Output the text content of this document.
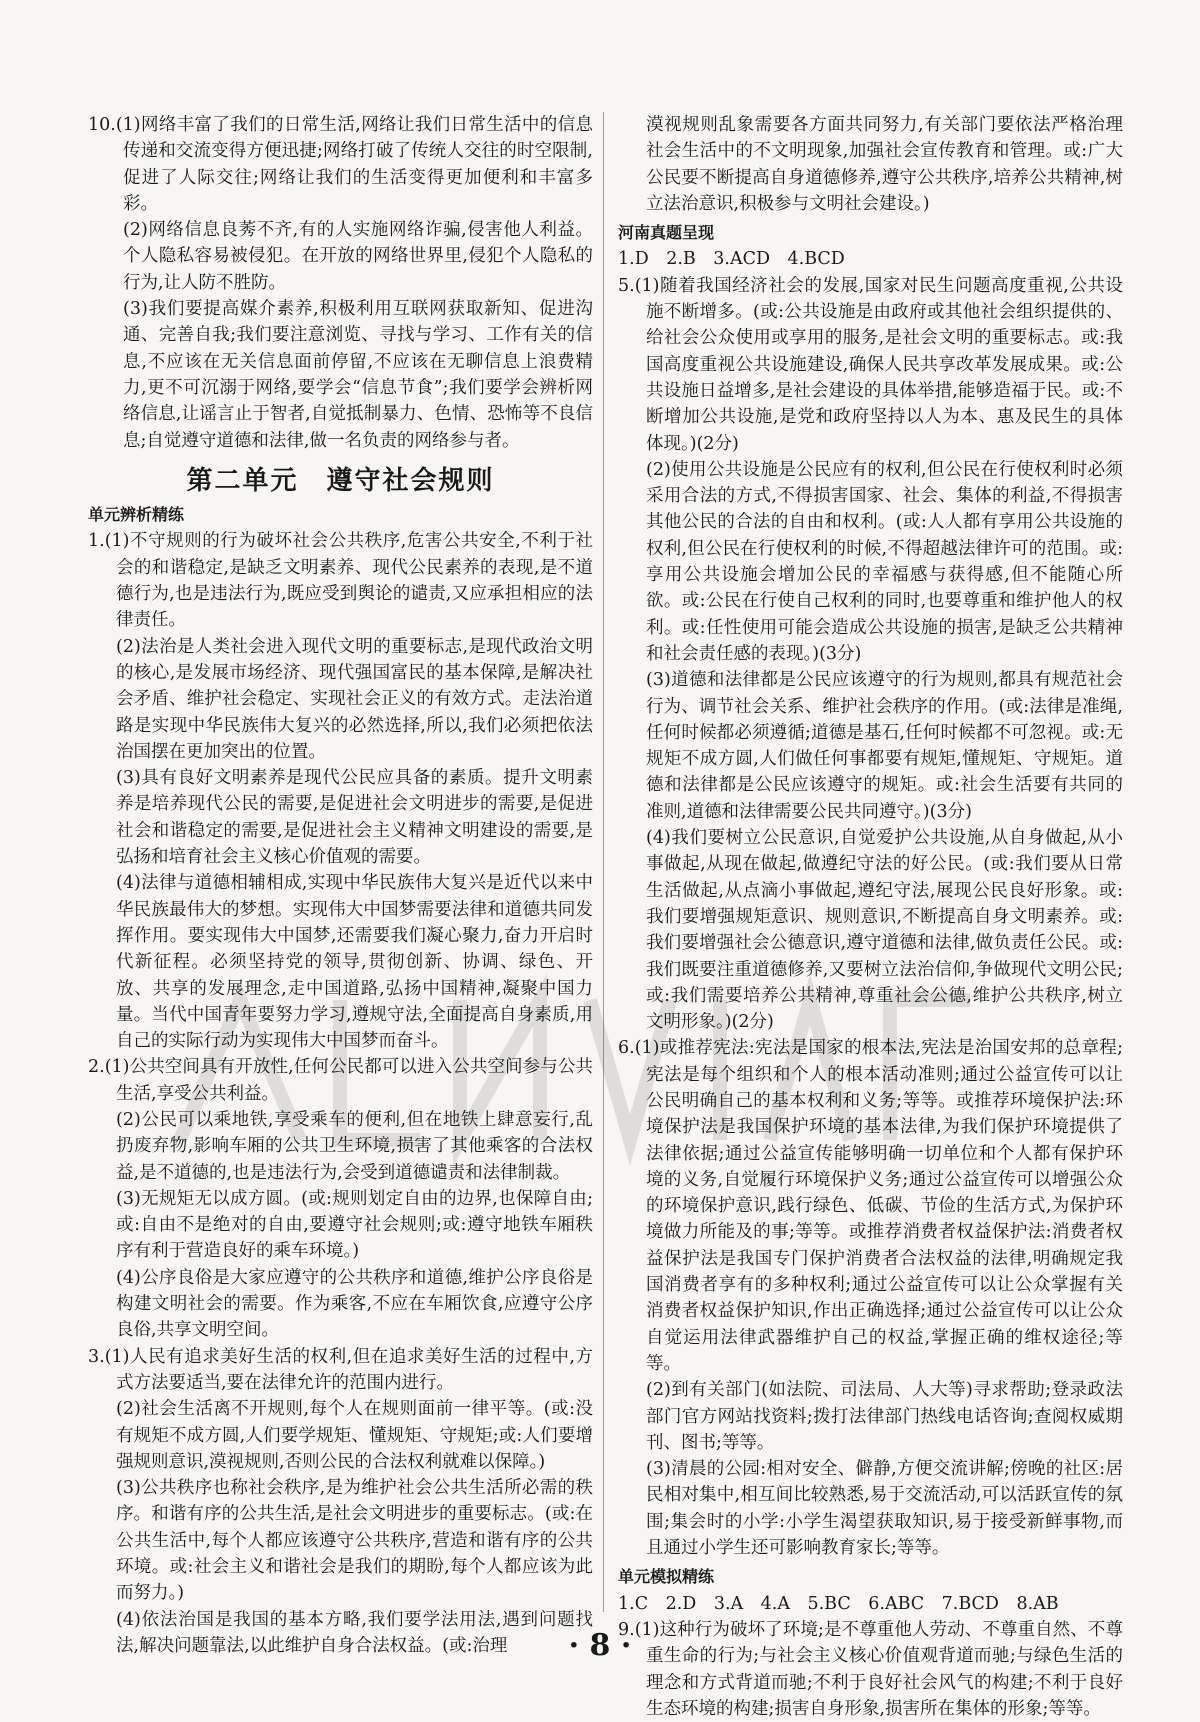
10.(1)网络丰富了我们的日常生活,网络让我们日常生活中的信息传递和交流变得方便迅捷;网络打破了传统人交往的时空限制,促进了人际交往;网络让我们的生活变得更加便利和丰富多彩。

(2)网络信息良莠不齐,有的人实施网络诈骗,侵害他人利益。个人隐私容易被侵犯。在开放的网络世界里,侵犯个人隐私的行为,让人防不胜防。

(3)我们要提高媒介素养,积极利用互联网获取新知、促进沟通、完善自我;我们要注意浏览、寻找与学习、工作有关的信息,不应该在无关信息面前停留,不应该在无聊信息上浪费精力,更不可沉溺于网络,要学会“信息节食”;我们要学会辨析网络信息,让谣言止于智者,自觉抵制暴力、色情、恐怖等不良信息;自觉遵守道德和法律,做一名负责的网络参与者。

第二单元　遵守社会规则
单元辨析精练

1.(1)不守规则的行为破坏社会公共秩序,危害公共安全,不利于社会的和谐稳定,是缺乏文明素养、现代公民素养的表现,是不道德行为,也是违法行为,既应受到舆论的谴责,又应承担相应的法律责任。

(2)法治是人类社会进入现代文明的重要标志,是现代政治文明的核心,是发展市场经济、现代强国富民的基本保障,是解决社会矛盾、维护社会稳定、实现社会正义的有效方式。走法治道路是实现中华民族伟大复兴的必然选择,所以,我们必须把依法治国摆在更加突出的位置。

(3)具有良好文明素养是现代公民应具备的素质。提升文明素养是培养现代公民的需要,是促进社会文明进步的需要,是促进社会和谐稳定的需要,是促进社会主义精神文明建设的需要,是弘扬和培育社会主义核心价值观的需要。

(4)法律与道德相辅相成,实现中华民族伟大复兴是近代以来中华民族最伟大的梦想。实现伟大中国梦需要法律和道德共同发挥作用。要实现伟大中国梦,还需要我们凝心聚力,奋力开启时代新征程。必须坚持党的领导,贯彻创新、协调、绿色、开放、共享的发展理念,走中国道路,弘扬中国精神,凝聚中国力量。当代中国青年要努力学习,遵规守法,全面提高自身素质,用自己的实际行动为实现伟大中国梦而奋斗。

2.(1)公共空间具有开放性,任何公民都可以进入公共空间参与公共生活,享受公共利益。

(2)公民可以乘地铁,享受乘车的便利,但在地铁上肆意妄行,乱扔废弃物,影响车厢的公共卫生环境,损害了其他乘客的合法权益,是不道德的,也是违法行为,会受到道德谴责和法律制裁。

(3)无规矩无以成方圆。(或:规则划定自由的边界,也保障自由;或:自由不是绝对的自由,要遵守社会规则;或:遵守地铁车厢秩序有利于营造良好的乘车环境。)

(4)公序良俗是大家应遵守的公共秩序和道德,维护公序良俗是构建文明社会的需要。作为乘客,不应在车厢饮食,应遵守公序良俗,共享文明空间。

3.(1)人民有追求美好生活的权利,但在追求美好生活的过程中,方式方法要适当,要在法律允许的范围内进行。

(2)社会生活离不开规则,每个人在规则面前一律平等。(或:没有规矩不成方圆,人们要学规矩、懂规矩、守规矩;或:人们要增强规则意识,漠视规则,否则公民的合法权利就难以保障。)

(3)公共秩序也称社会秩序,是为维护社会公共生活所必需的秩序。和谐有序的公共生活,是社会文明进步的重要标志。(或:在公共生活中,每个人都应该遵守公共秩序,营造和谐有序的公共环境。或:社会主义和谐社会是我们的期盼,每个人都应该为此而努力。)

(4)依法治国是我国的基本方略,我们要学法用法,遇到问题找法,解决问题靠法,以此维护自身合法权益。(或:治理

漠视规则乱象需要各方面共同努力,有关部门要依法严格治理社会生活中的不文明现象,加强社会宣传教育和管理。或:广大公民要不断提高自身道德修养,遵守公共秩序,培养公共精神,树立法治意识,积极参与文明社会建设。)

河南真题呈现

1.D　2.B　3.ACD　4.BCD

5.(1)随着我国经济社会的发展,国家对民生问题高度重视,公共设施不断增多。(或:公共设施是由政府或其他社会组织提供的、给社会公众使用或享用的服务,是社会文明的重要标志。或:我国高度重视公共设施建设,确保人民共享改革发展成果。或:公共设施日益增多,是社会建设的具体举措,能够造福于民。或:不断增加公共设施,是党和政府坚持以人为本、惠及民生的具体体现。)(2分)

(2)使用公共设施是公民应有的权利,但公民在行使权利时必须采用合法的方式,不得损害国家、社会、集体的利益,不得损害其他公民的合法的自由和权利。(或:人人都有享用公共设施的权利,但公民在行使权利的时候,不得超越法律许可的范围。或:享用公共设施会增加公民的幸福感与获得感,但不能随心所欲。或:公民在行使自己权利的同时,也要尊重和维护他人的权利。或:任性使用可能会造成公共设施的损害,是缺乏公共精神和社会责任感的表现。)(3分)

(3)道德和法律都是公民应该遵守的行为规则,都具有规范社会行为、调节社会关系、维护社会秩序的作用。(或:法律是准绳,任何时候都必须遵循;道德是基石,任何时候都不可忽视。或:无规矩不成方圆,人们做任何事都要有规矩,懂规矩、守规矩。道德和法律都是公民应该遵守的规矩。或:社会生活要有共同的准则,道德和法律需要公民共同遵守。)(3分)

(4)我们要树立公民意识,自觉爱护公共设施,从自身做起,从小事做起,从现在做起,做遵纪守法的好公民。(或:我们要从日常生活做起,从点滴小事做起,遵纪守法,展现公民良好形象。或:我们要增强规矩意识、规则意识,不断提高自身文明素养。或:我们要增强社会公德意识,遵守道德和法律,做负责任公民。或:我们既要注重道德修养,又要树立法治信仰,争做现代文明公民;或:我们需要培养公共精神,尊重社会公德,维护公共秩序,树立文明形象。)(2分)

6.(1)或推荐宪法:宪法是国家的根本法,宪法是治国安邦的总章程;宪法是每个组织和个人的根本活动准则;通过公益宣传可以让公民明确自己的基本权利和义务;等等。或推荐环境保护法:环境保护法是我国保护环境的基本法律,为我们保护环境提供了法律依据;通过公益宣传能够明确一切单位和个人都有保护环境的义务,自觉履行环境保护义务;通过公益宣传可以增强公众的环境保护意识,践行绿色、低碳、节俭的生活方式,为保护环境做力所能及的事;等等。或推荐消费者权益保护法:消费者权益保护法是我国专门保护消费者合法权益的法律,明确规定我国消费者享有的多种权利;通过公益宣传可以让公众掌握有关消费者权益保护知识,作出正确选择;通过公益宣传可以让公众自觉运用法律武器维护自己的权益,掌握正确的维权途径;等等。

(2)到有关部门(如法院、司法局、人大等)寻求帮助;登录政法部门官方网站找资料;拨打法律部门热线电话咨询;查阅权威期刊、图书;等等。

(3)清晨的公园:相对安全、僻静,方便交流讲解;傍晚的社区:居民相对集中,相互间比较熟悉,易于交流活动,可以活跃宣传的氛围;集会时的小学:小学生渴望获取知识,易于接受新鲜事物,而且通过小学生还可影响教育家长;等等。

单元模拟精练

1.C　2.D　3.A　4.A　5.BC　6.ABC　7.BCD　8.AB

9.(1)这种行为破坏了环境;是不尊重他人劳动、不尊重自然、不尊重生命的行为;与社会主义核心价值观背道而驰;与绿色生活的理念和方式背道而驰;不利于良好社会风气的构建;不利于良好生态环境的构建;损害自身形象,损害所在集体的形象;等等。

· 8 ·
